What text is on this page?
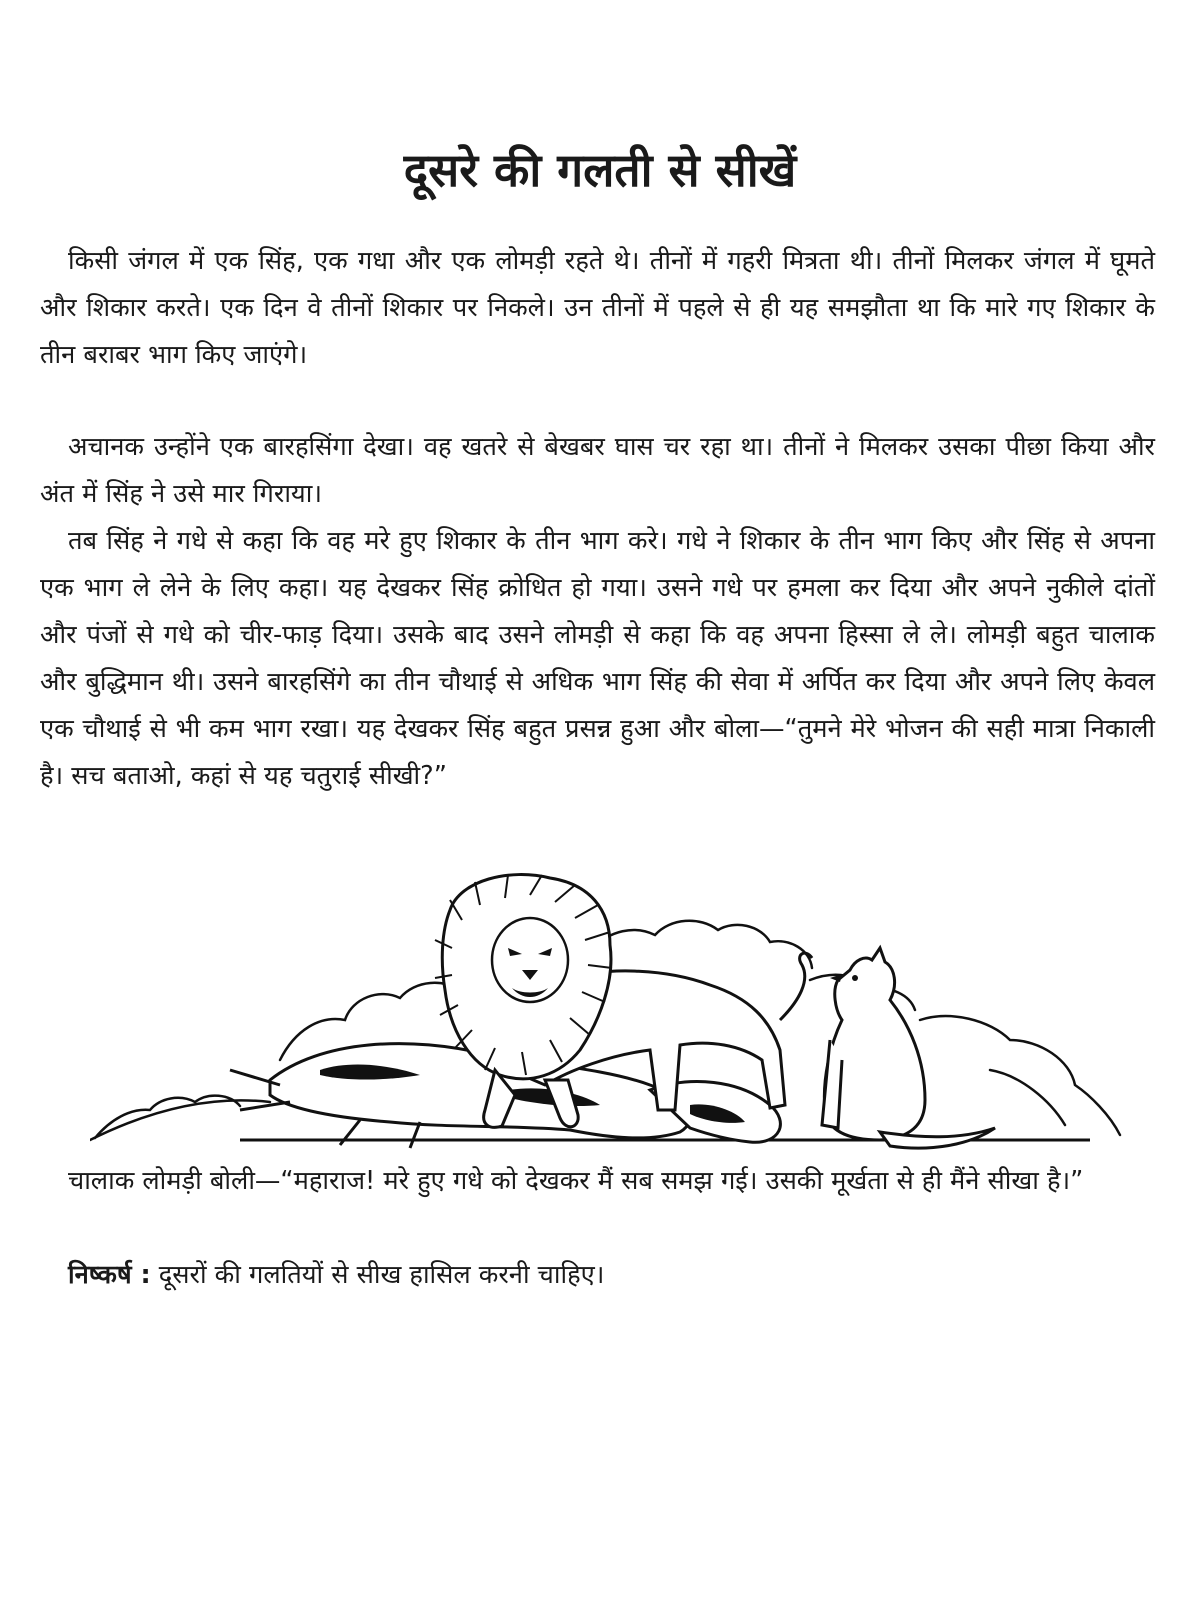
दूसरे की गलती से सीखें

किसी जंगल में एक सिंह, एक गधा और एक लोमड़ी रहते थे। तीनों में गहरी मित्रता थी। तीनों मिलकर जंगल में घूमते और शिकार करते। एक दिन वे तीनों शिकार पर निकले। उन तीनों में पहले से ही यह समझौता था कि मारे गए शिकार के तीन बराबर भाग किए जाएंगे।

अचानक उन्होंने एक बारहसिंगा देखा। वह खतरे से बेखबर घास चर रहा था। तीनों ने मिलकर उसका पीछा किया और अंत में सिंह ने उसे मार गिराया।

तब सिंह ने गधे से कहा कि वह मरे हुए शिकार के तीन भाग करे। गधे ने शिकार के तीन भाग किए और सिंह से अपना एक भाग ले लेने के लिए कहा। यह देखकर सिंह क्रोधित हो गया। उसने गधे पर हमला कर दिया और अपने नुकीले दांतों और पंजों से गधे को चीर-फाड़ दिया। उसके बाद उसने लोमड़ी से कहा कि वह अपना हिस्सा ले ले। लोमड़ी बहुत चालाक और बुद्धिमान थी। उसने बारहसिंगे का तीन चौथाई से अधिक भाग सिंह की सेवा में अर्पित कर दिया और अपने लिए केवल एक चौथाई से भी कम भाग रखा। यह देखकर सिंह बहुत प्रसन्न हुआ और बोला—“तुमने मेरे भोजन की सही मात्रा निकाली है। सच बताओ, कहां से यह चतुराई सीखी?”

चालाक लोमड़ी बोली—“महाराज! मरे हुए गधे को देखकर मैं सब समझ गई। उसकी मूर्खता से ही मैंने सीखा है।”

निष्कर्ष : दूसरों की गलतियों से सीख हासिल करनी चाहिए।
